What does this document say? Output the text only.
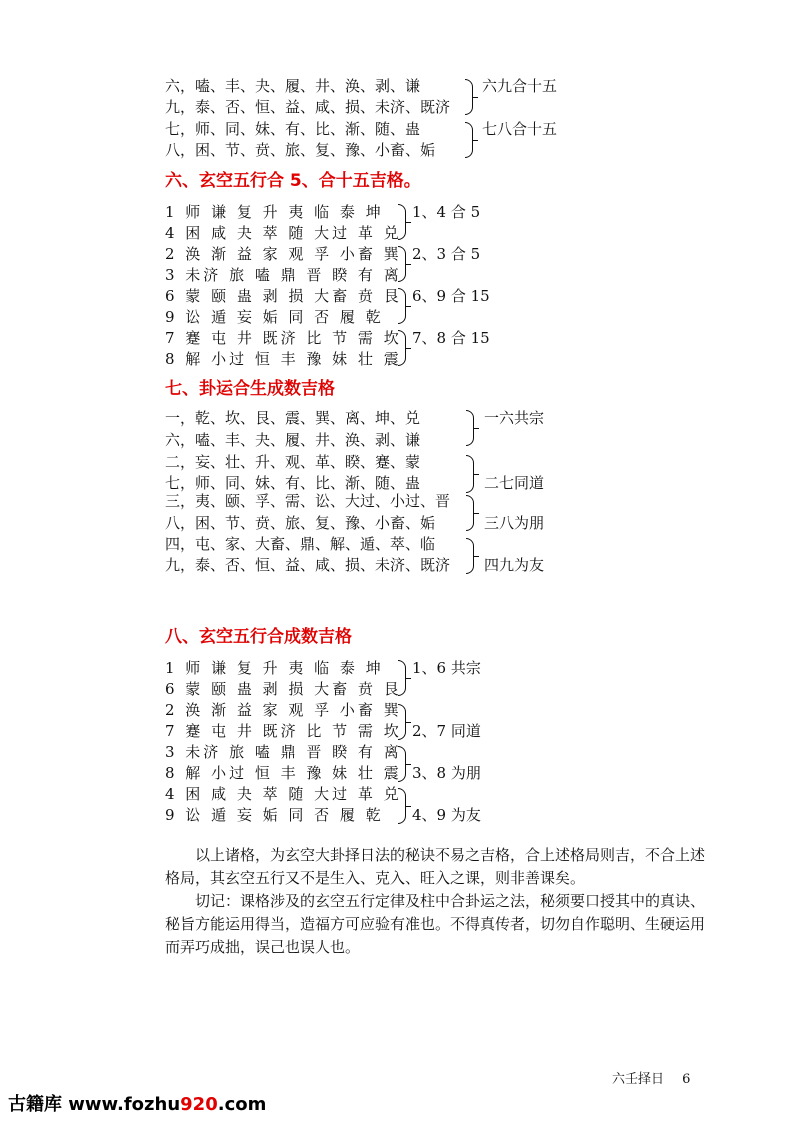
六，嗑、丰、夬、履、井、涣、剥、谦
九，泰、否、恒、益、咸、损、未济、既济
七，师、同、妹、有、比、渐、随、蛊
八，困、节、贲、旅、复、豫、小畜、姤
六九合十五
七八合十五
六、玄空五行合 5、合十五吉格。
1 师 谦 复 升 夷 临 泰 坤
4 困 咸 夬 萃 随 大过 革 兑
2 涣 渐 益 家 观 孚 小畜 巽
3 未济 旅 嗑 鼎 晋 睽 有 离
6 蒙 颐 蛊 剥 损 大畜 贲 艮
9 讼 遁 妄 姤 同 否 履 乾
7 蹇 屯 井 既济 比 节 需 坎
8 解 小过 恒 丰 豫 妹 壮 震
1、4 合 5
2、3 合 5
6、9 合 15
7、8 合 15
七、卦运合生成数吉格
一，乾、坎、艮、震、巽、离、坤、兑
六，嗑、丰、夬、履、井、涣、剥、谦
二，妄、壮、升、观、革、睽、蹇、蒙
七，师、同、妹、有、比、渐、随、蛊
三，夷、颐、孚、需、讼、大过、小过、晋
八，困、节、贲、旅、复、豫、小畜、姤
四，屯、家、大畜、鼎、解、遁、萃、临
九，泰、否、恒、益、咸、损、未济、既济
一六共宗
二七同道
三八为朋
四九为友
八、玄空五行合成数吉格
1 师 谦 复 升 夷 临 泰 坤
6 蒙 颐 蛊 剥 损 大畜 贲 艮
2 涣 渐 益 家 观 孚 小畜 巽
7 蹇 屯 井 既济 比 节 需 坎
3 未济 旅 嗑 鼎 晋 睽 有 离
8 解 小过 恒 丰 豫 妹 壮 震
4 困 咸 夬 萃 随 大过 革 兑
9 讼 遁 妄 姤 同 否 履 乾
1、6 共宗
2、7 同道
3、8 为朋
4、9 为友
以上诸格，为玄空大卦择日法的秘诀不易之吉格，合上述格局则吉，不合上述格局，其玄空五行又不是生入、克入、旺入之课，则非善课矣。
切记：课格涉及的玄空五行定律及柱中合卦运之法，秘须要口授其中的真诀、秘旨方能运用得当，造福方可应验有准也。不得真传者，切勿自作聪明、生硬运用而弄巧成拙，误己也误人也。
六壬择日 6
古籍库 www.fozhu920.com
